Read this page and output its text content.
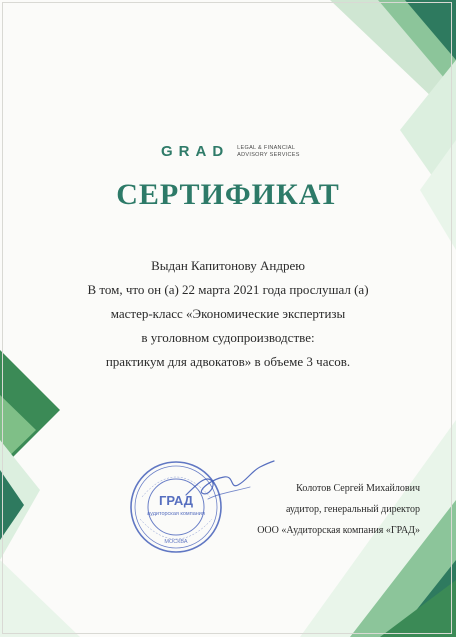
GRAD LEGAL & FINANCIAL
ADVISORY SERVICES
СЕРТИФИКАТ
Выдан Капитонову Андрею
В том, что он (а) 22 марта 2021 года прослушал (а)
мастер-класс «Экономические экспертизы
в уголовном судопроизводстве:
практикум для адвокатов» в объеме 3 часов.
ГРАД
аудиторская компания
МОСКВА
Колотов Сергей Михайлович
аудитор, генеральный директор
ООО «Аудиторская компания «ГРАД»
